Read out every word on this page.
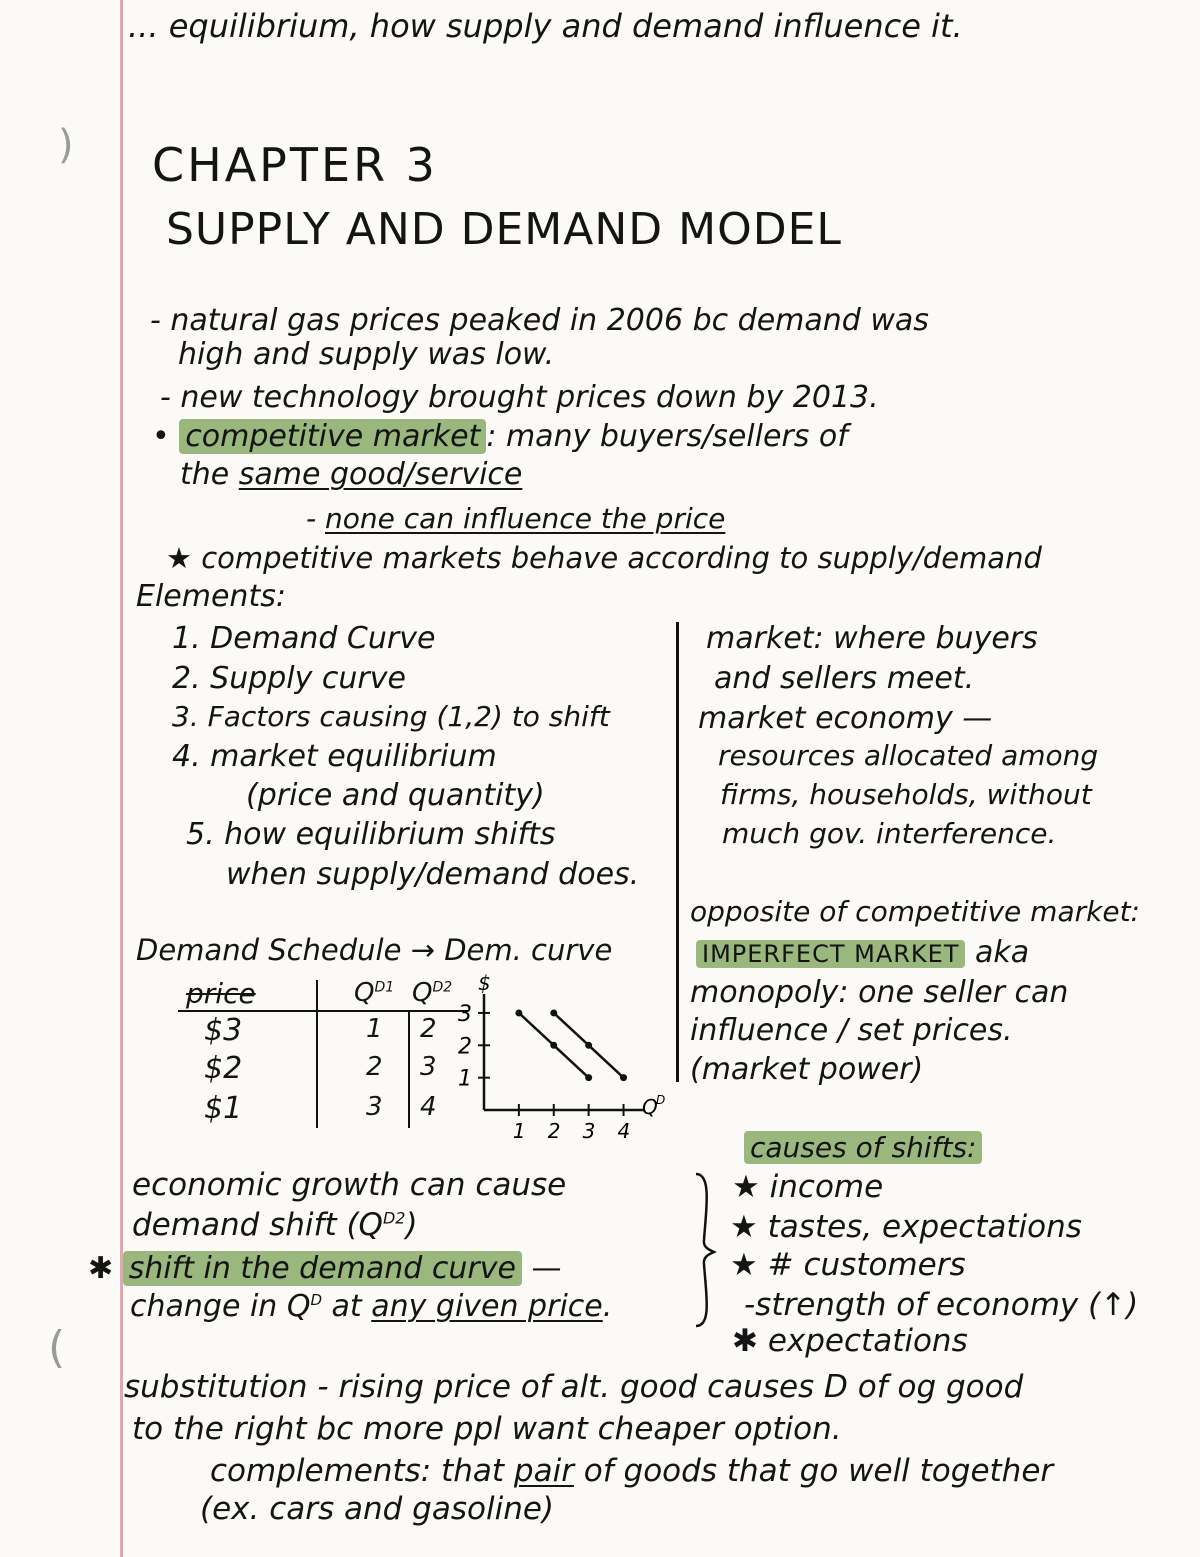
)
(
... equilibrium, how supply and demand influence it.
CHAPTER 3
SUPPLY AND DEMAND MODEL
- natural gas prices peaked in 2006 bc demand was
high and supply was low.
- new technology brought prices down by 2013.
• competitive market : many buyers/sellers of
the same good/service
- none can influence the price
★ competitive markets behave according to supply/demand
Elements:
1. Demand Curve
2. Supply curve
3. Factors causing (1,2) to shift
4. market equilibrium
(price and quantity)
5. how equilibrium shifts
when supply/demand does.
market: where buyers
and sellers meet.
market economy —
resources allocated among
firms, households, without
much gov. interference.
opposite of competitive market:
IMPERFECT MARKET aka
monopoly: one seller can
influence / set prices.
(market power)
Demand Schedule → Dem. curve
price	$Q^{D1}$ $Q^{D2}$
$3	1 2
$2	2 3
$1	3 4
$
Q
D
3
2
1
1 2 3 4
economic growth can cause
demand shift $(Q^{D2})$
✱ shift in the demand curve —
change in $Q^D$ at any given price.
causes of shifts:
★ income
★ tastes, expectations
★ # customers
-strength of economy (↑)
✱ expectations
substitution - rising price of alt. good causes D of og good
to the right bc more ppl want cheaper option.
complements: that pair of goods that go well together
(ex. cars and gasoline)
